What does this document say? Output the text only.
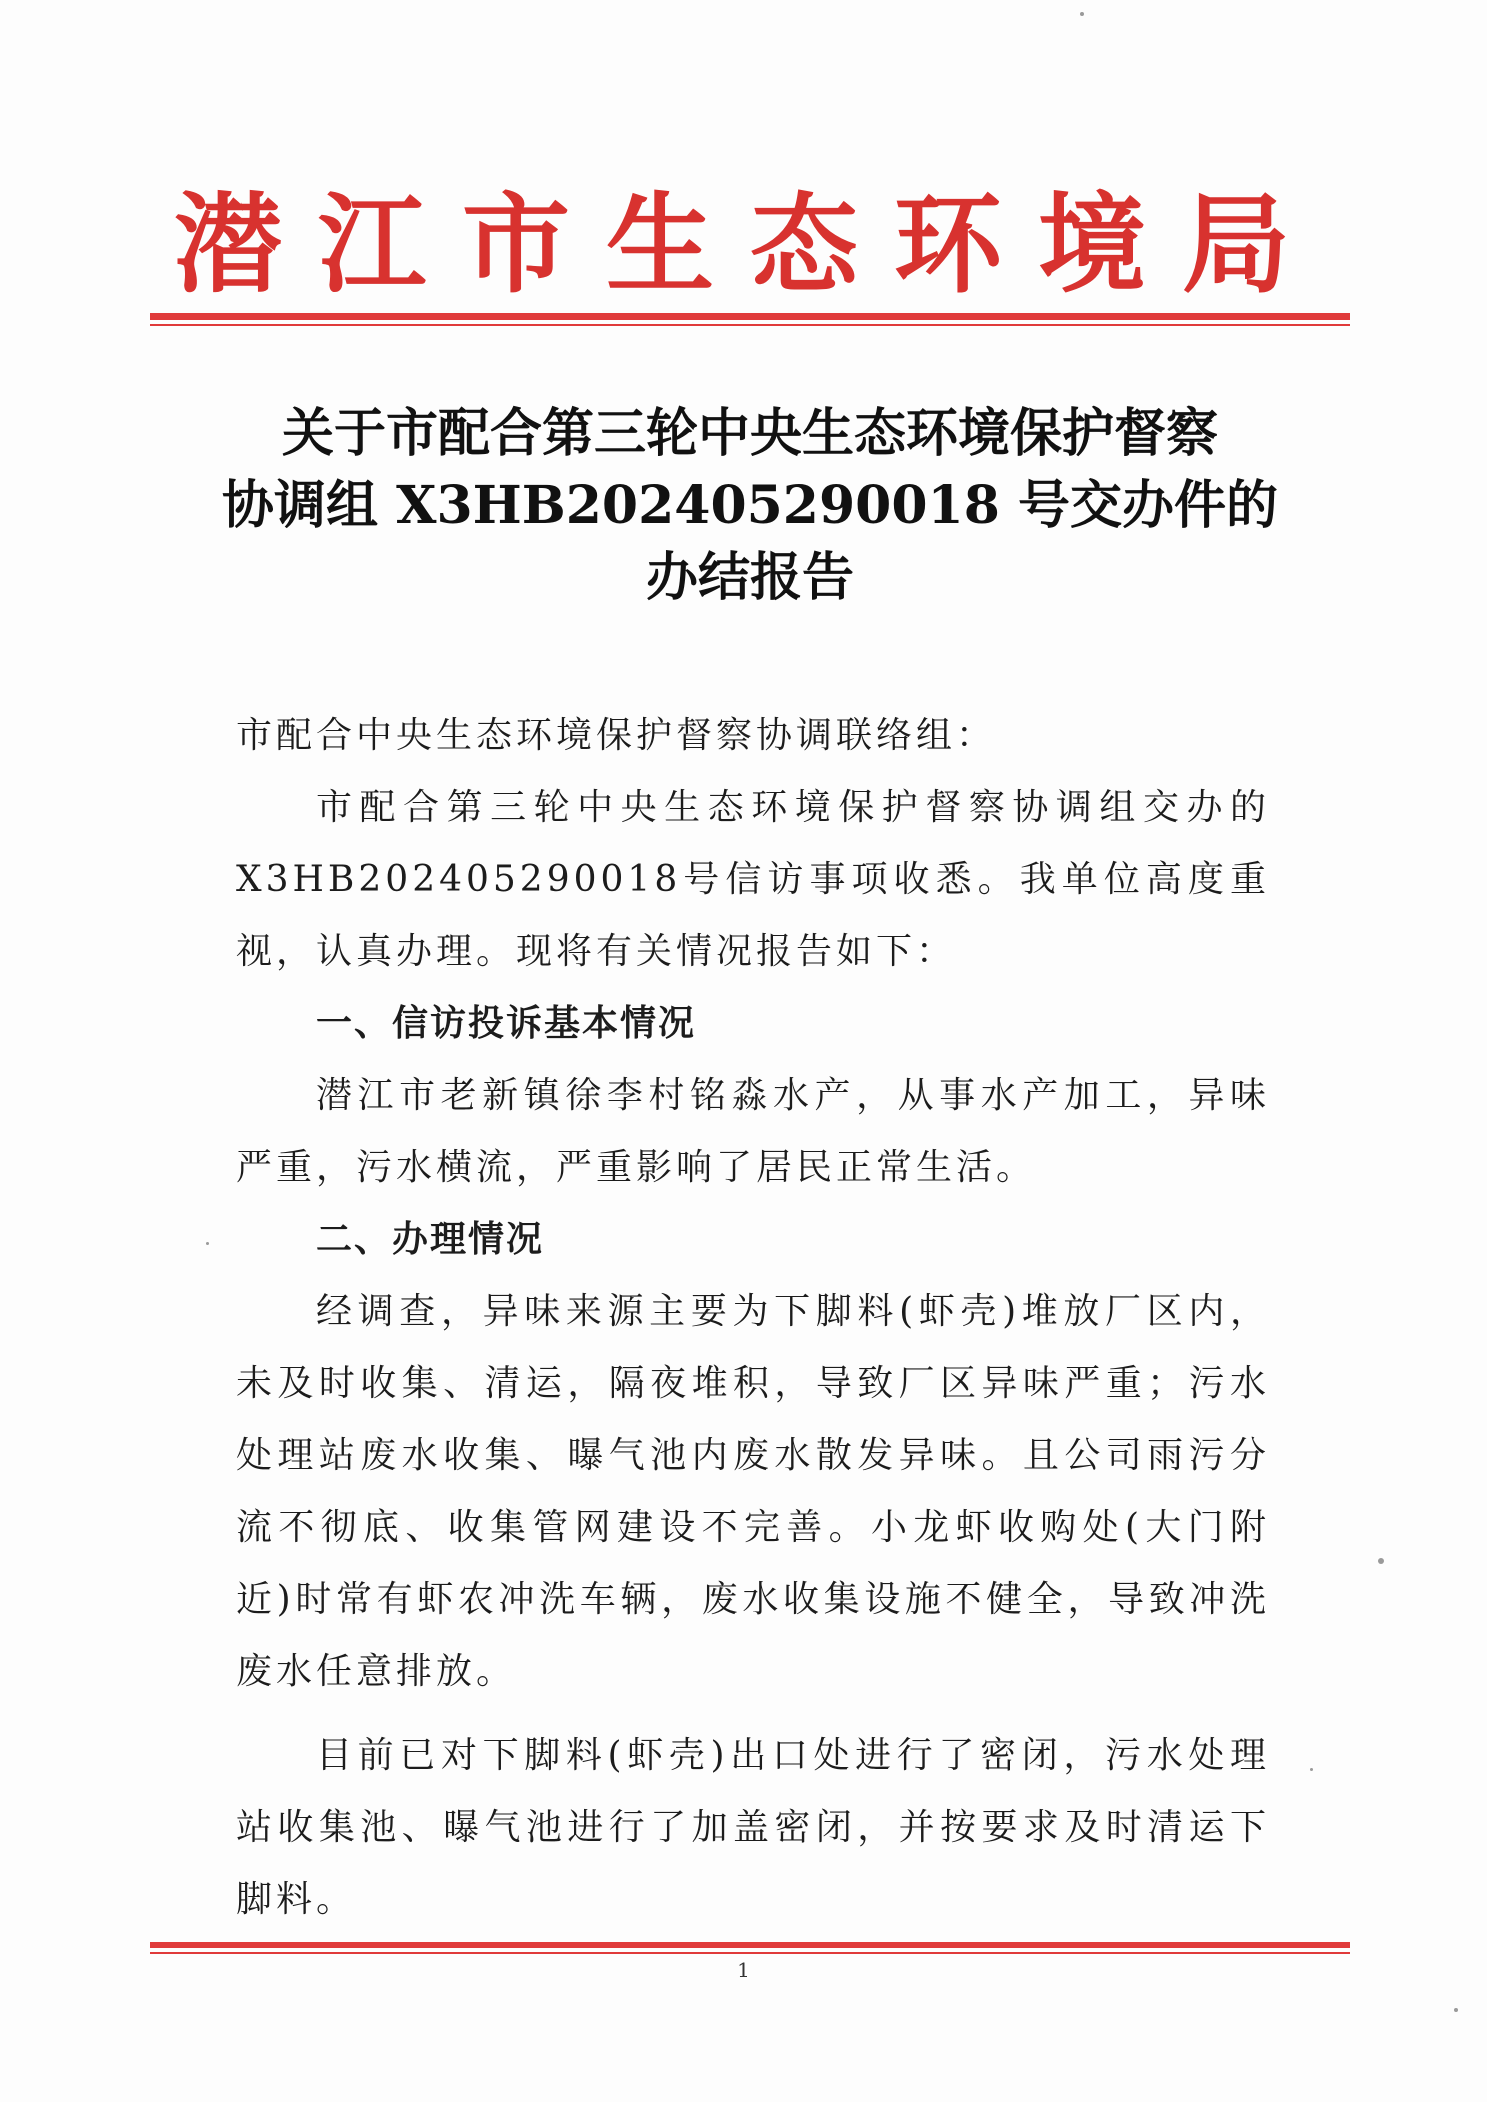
潜江市生态环境局
关于市配合第三轮中央生态环境保护督察
协调组 X3HB202405290018 号交办件的
办结报告

市配合中央生态环境保护督察协调联络组：

市配合第三轮中央生态环境保护督察协调组交办的X3HB202405290018号信访事项收悉。我单位高度重视，认真办理。现将有关情况报告如下：

一、信访投诉基本情况

潜江市老新镇徐李村铭淼水产，从事水产加工，异味严重，污水横流，严重影响了居民正常生活。

二、办理情况

经调查，异味来源主要为下脚料(虾壳)堆放厂区内，未及时收集、清运，隔夜堆积，导致厂区异味严重；污水处理站废水收集、曝气池内废水散发异味。且公司雨污分流不彻底、收集管网建设不完善。小龙虾收购处(大门附近)时常有虾农冲洗车辆，废水收集设施不健全，导致冲洗废水任意排放。

目前已对下脚料(虾壳)出口处进行了密闭，污水处理站收集池、曝气池进行了加盖密闭，并按要求及时清运下脚料。

1
